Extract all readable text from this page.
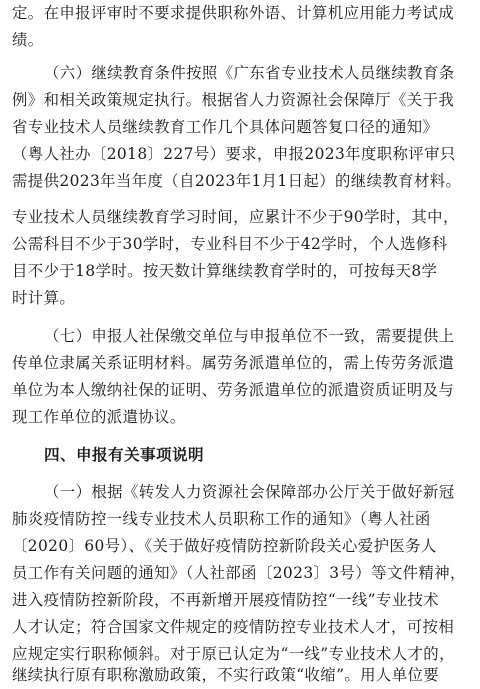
定。在申报评审时不要求提供职称外语、计算机应用能力考试成
绩。
（六）继续教育条件按照《广东省专业技术人员继续教育条
例》和相关政策规定执行。根据省人力资源社会保障厅《关于我
省专业技术人员继续教育工作几个具体问题答复口径的通知》
（粤人社办〔2018〕227号）要求，申报2023年度职称评审只
需提供2023年当年度（自2023年1月1日起）的继续教育材料。
专业技术人员继续教育学习时间，应累计不少于90学时，其中，
公需科目不少于30学时，专业科目不少于42学时，个人选修科
目不少于18学时。按天数计算继续教育学时的，可按每天8学
时计算。
（七）申报人社保缴交单位与申报单位不一致，需要提供上
传单位隶属关系证明材料。属劳务派遣单位的，需上传劳务派遣
单位为本人缴纳社保的证明、劳务派遣单位的派遣资质证明及与
现工作单位的派遣协议。
四、申报有关事项说明
（一）根据《转发人力资源社会保障部办公厅关于做好新冠
肺炎疫情防控一线专业技术人员职称工作的通知》（粤人社函
〔2020〕60号）、《关于做好疫情防控新阶段关心爱护医务人
员工作有关问题的通知》（人社部函〔2023〕3号）等文件精神，
进入疫情防控新阶段，不再新增开展疫情防控“一线”专业技术
人才认定；符合国家文件规定的疫情防控专业技术人才，可按相
应规定实行职称倾斜。对于原已认定为“一线”专业技术人才的，
继续执行原有职称激励政策，不实行政策“收缩”。用人单位要
